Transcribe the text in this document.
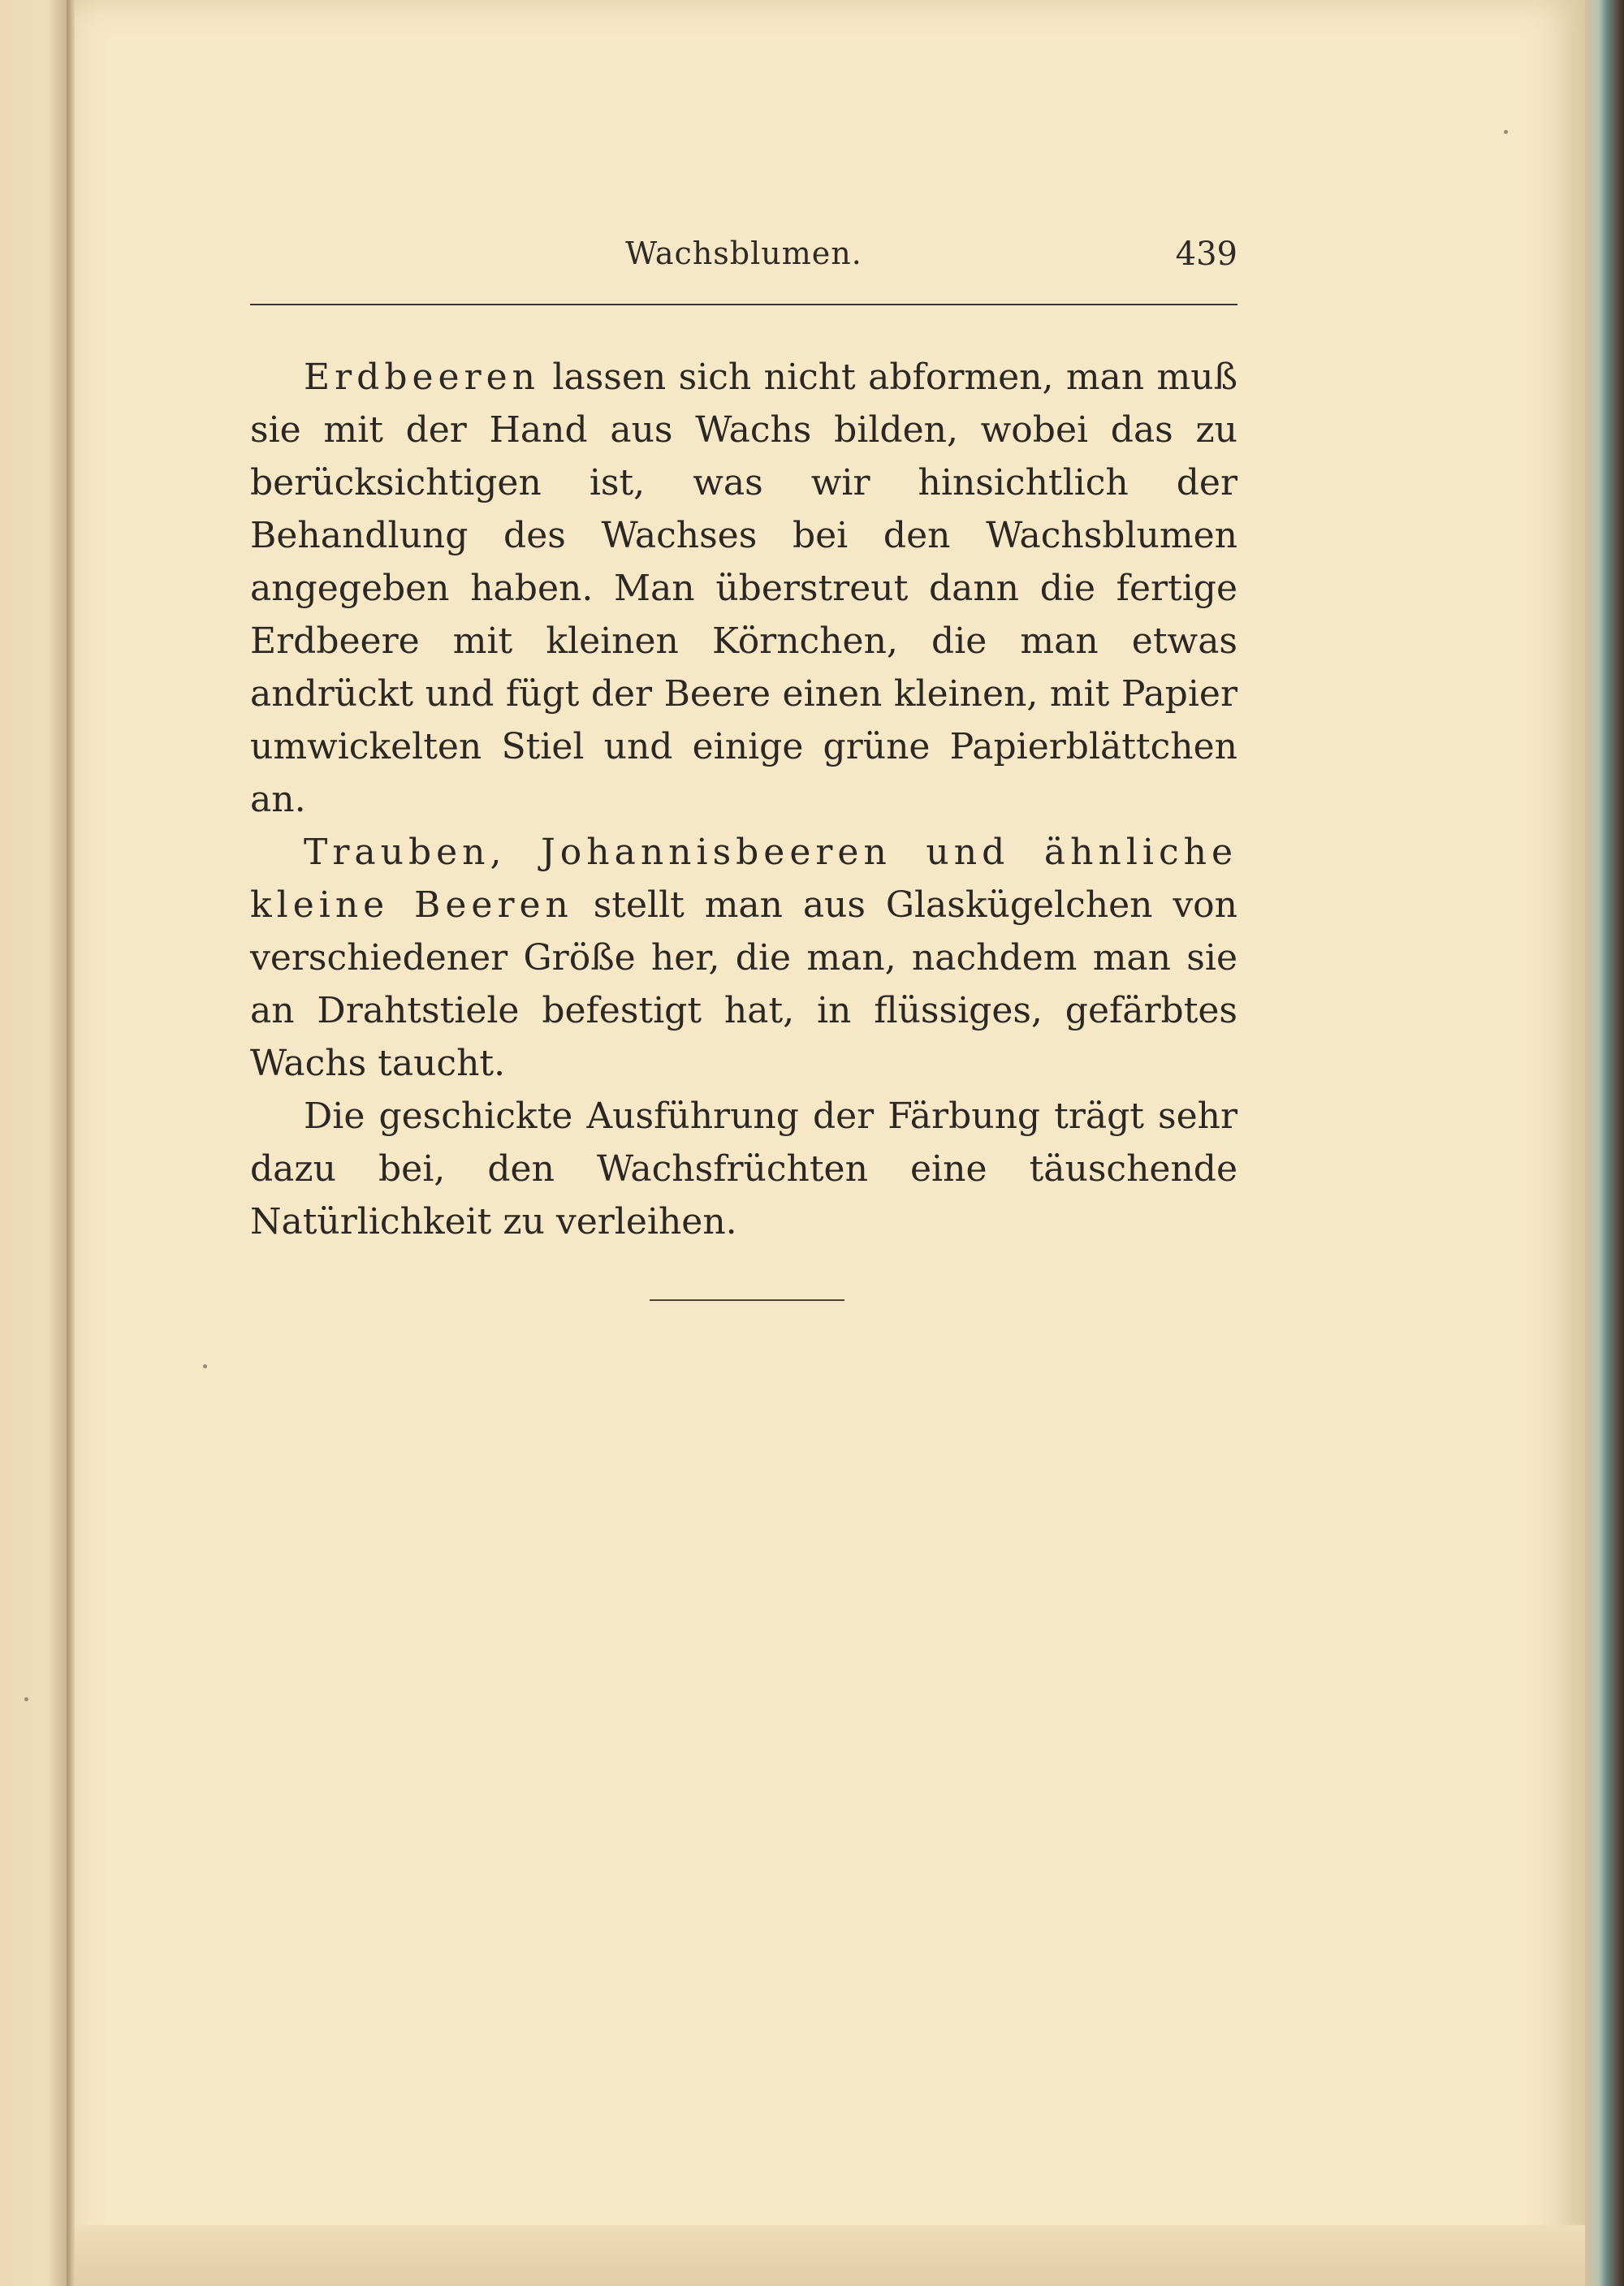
Wachsblumen.	439

Erdbeeren lassen sich nicht abformen, man muß sie mit der Hand aus Wachs bilden, wobei das zu berücksichtigen ist, was wir hinsichtlich der Behandlung des Wachses bei den Wachsblumen angegeben haben. Man überstreut dann die fertige Erdbeere mit kleinen Körnchen, die man etwas andrückt und fügt der Beere einen kleinen, mit Papier umwickelten Stiel und einige grüne Papierblättchen an.

Trauben, Johannisbeeren und ähnliche kleine Beeren stellt man aus Glaskügelchen von verschiedener Größe her, die man, nachdem man sie an Drahtstiele befestigt hat, in flüssiges, gefärbtes Wachs taucht.

Die geschickte Ausführung der Färbung trägt sehr dazu bei, den Wachsfrüchten eine täuschende Natürlichkeit zu verleihen.
